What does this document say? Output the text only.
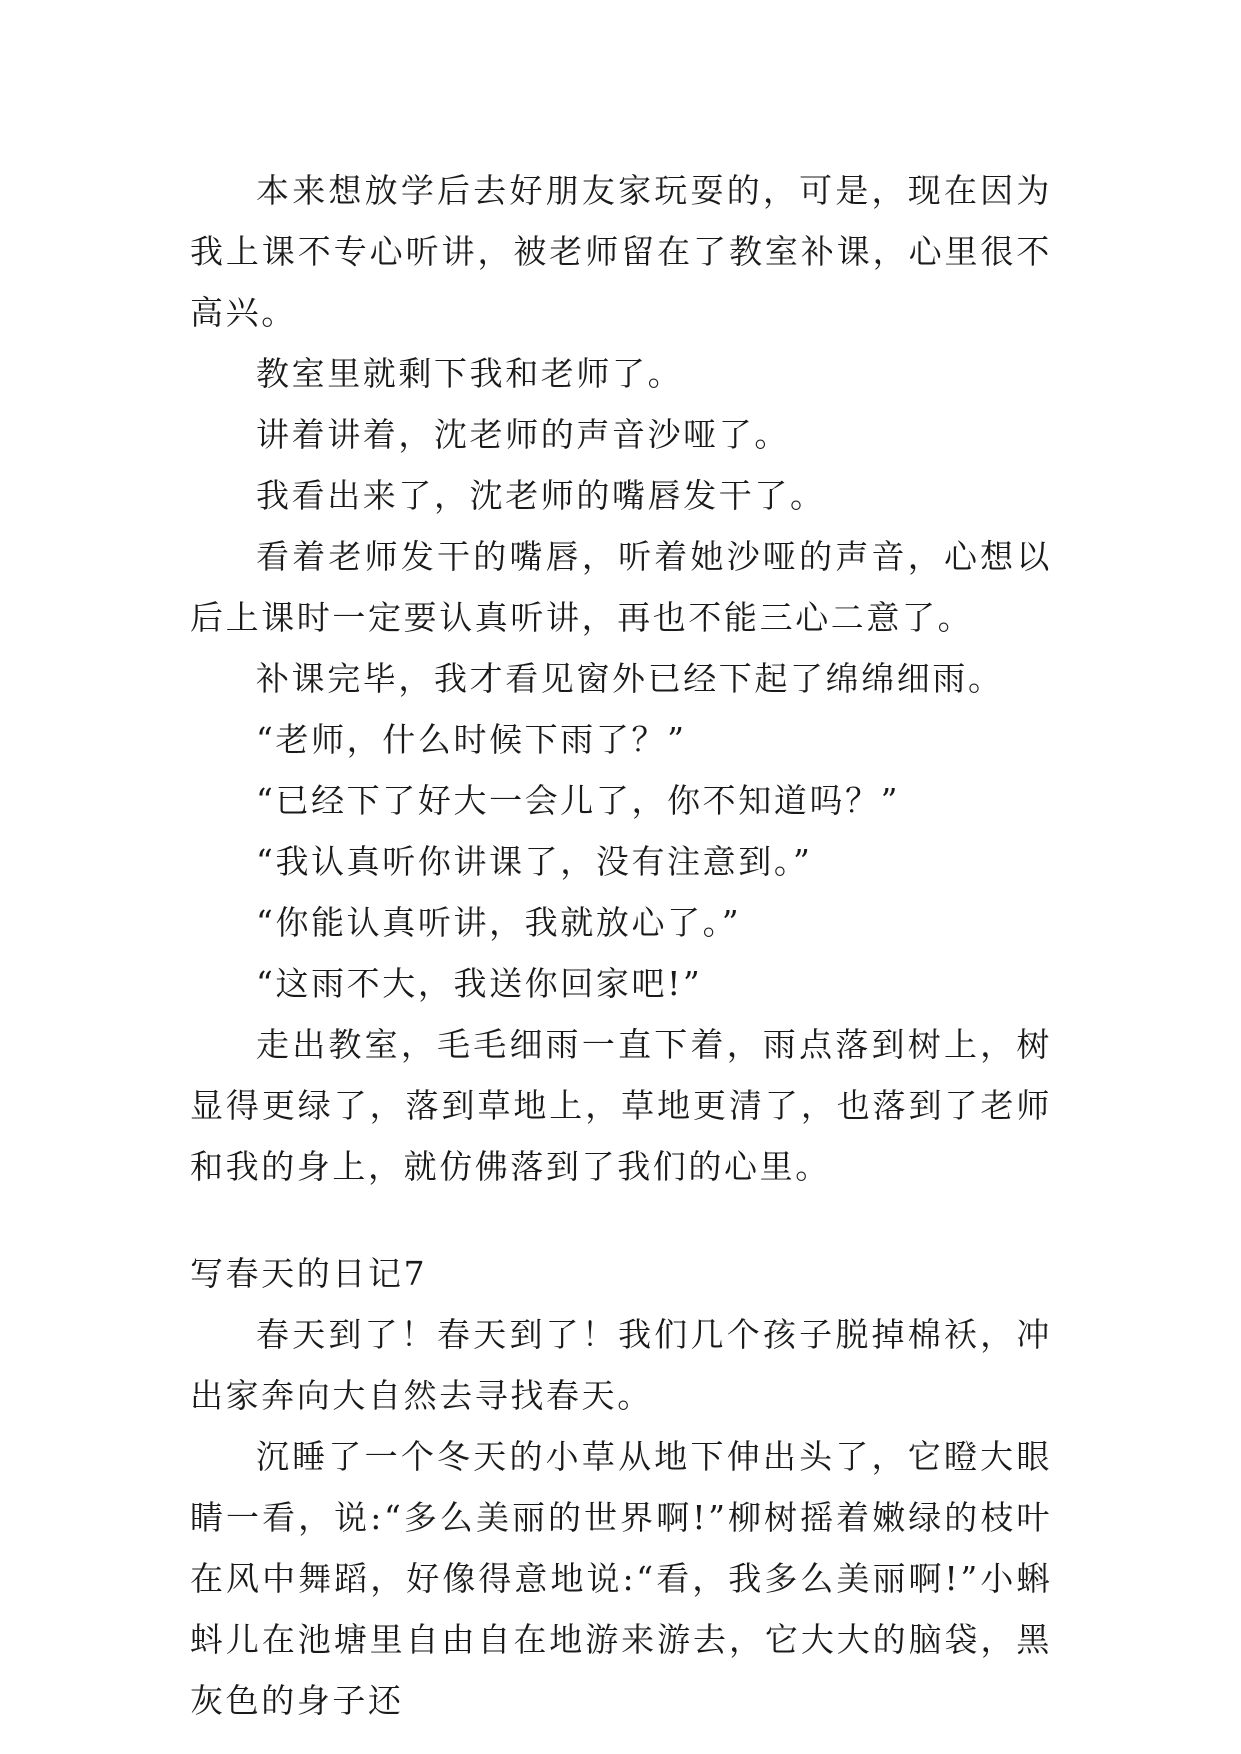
本来想放学后去好朋友家玩耍的，可是，现在因为我上课不专心听讲，被老师留在了教室补课，心里很不高兴。

教室里就剩下我和老师了。

讲着讲着，沈老师的声音沙哑了。

我看出来了，沈老师的嘴唇发干了。

看着老师发干的嘴唇，听着她沙哑的声音，心想以后上课时一定要认真听讲，再也不能三心二意了。

补课完毕，我才看见窗外已经下起了绵绵细雨。

“老师，什么时候下雨了？”

“已经下了好大一会儿了，你不知道吗？”

“我认真听你讲课了，没有注意到。”

“你能认真听讲，我就放心了。”

“这雨不大，我送你回家吧!”

走出教室，毛毛细雨一直下着，雨点落到树上，树显得更绿了，落到草地上，草地更清了，也落到了老师和我的身上，就仿佛落到了我们的心里。

写春天的日记7

春天到了！春天到了！我们几个孩子脱掉棉袄，冲出家奔向大自然去寻找春天。

沉睡了一个冬天的小草从地下伸出头了，它瞪大眼睛一看，说:“多么美丽的世界啊!”柳树摇着嫩绿的枝叶在风中舞蹈，好像得意地说:“看，我多么美丽啊!”小蝌蚪儿在池塘里自由自在地游来游去，它大大的脑袋，黑灰色的身子还
